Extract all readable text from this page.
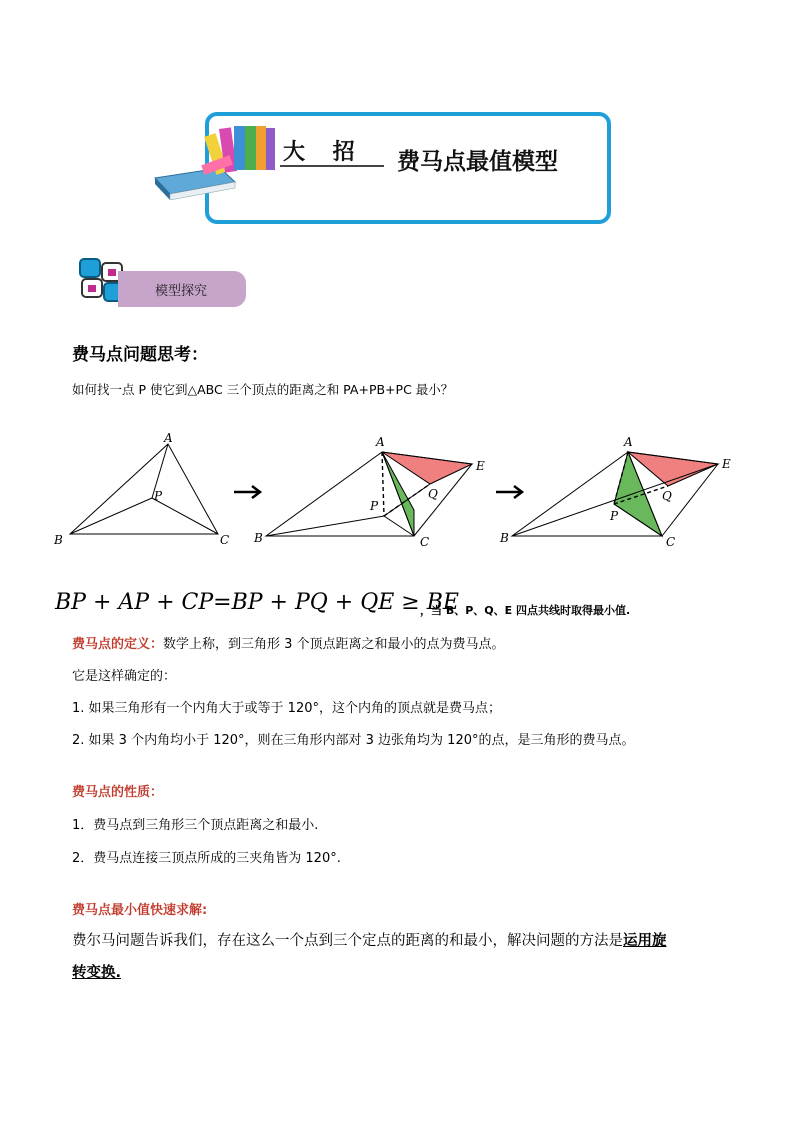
大 招 费马点最值模型
模型探究
费马点问题思考：
如何找一点 P 使它到△ABC 三个顶点的距离之和 PA+PB+PC 最小？
A
B	C
P
A
B	C
P
Q
E
A
B	C
P
Q
E
BP + AP + CP=BP + PQ + QE ≥ BE
，当 B、P、Q、E 四点共线时取得最小值.
费马点的定义：数学上称，到三角形 3 个顶点距离之和最小的点为费马点。
它是这样确定的：
1. 如果三角形有一个内角大于或等于 120°，这个内角的顶点就是费马点；
2. 如果 3 个内角均小于 120°，则在三角形内部对 3 边张角均为 120°的点，是三角形的费马点。
费马点的性质：
1．费马点到三角形三个顶点距离之和最小.
2．费马点连接三顶点所成的三夹角皆为 120°.
费马点最小值快速求解:
费尔马问题告诉我们，存在这么一个点到三个定点的距离的和最小，解决问题的方法是运用旋
转变换.
